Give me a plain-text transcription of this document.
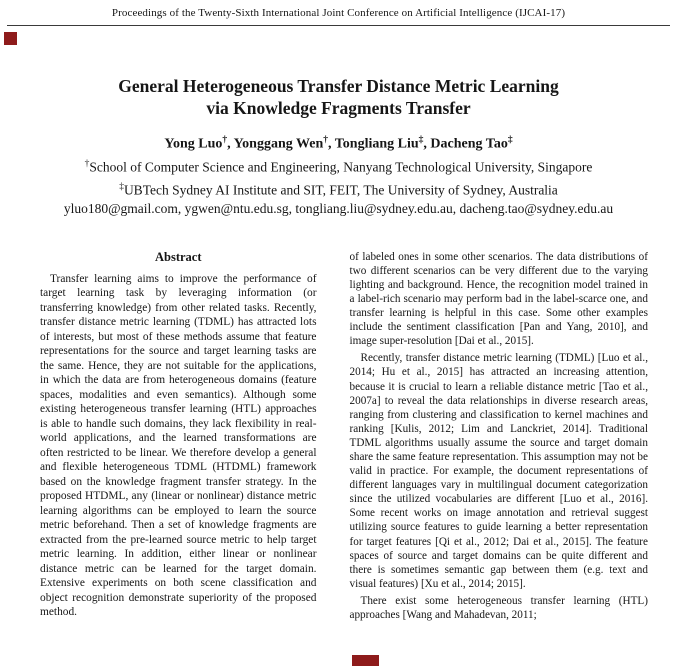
Proceedings of the Twenty-Sixth International Joint Conference on Artificial Intelligence (IJCAI-17)
General Heterogeneous Transfer Distance Metric Learning
via Knowledge Fragments Transfer
Yong Luo†, Yonggang Wen†, Tongliang Liu‡, Dacheng Tao‡
†School of Computer Science and Engineering, Nanyang Technological University, Singapore
‡UBTech Sydney AI Institute and SIT, FEIT, The University of Sydney, Australia
yluo180@gmail.com, ygwen@ntu.edu.sg, tongliang.liu@sydney.edu.au, dacheng.tao@sydney.edu.au
Abstract

Transfer learning aims to improve the performance of target learning task by leveraging information (or transferring knowledge) from other related tasks. Recently, transfer distance metric learning (TDML) has attracted lots of interests, but most of these methods assume that feature representations for the source and target learning tasks are the same. Hence, they are not suitable for the applications, in which the data are from heterogeneous domains (feature spaces, modalities and even semantics). Although some existing heterogeneous transfer learning (HTL) approaches is able to handle such domains, they lack flexibility in real-world applications, and the learned transformations are often restricted to be linear. We therefore develop a general and flexible heterogeneous TDML (HTDML) framework based on the knowledge fragment transfer strategy. In the proposed HTDML, any (linear or nonlinear) distance metric learning algorithms can be employed to learn the source metric beforehand. Then a set of knowledge fragments are extracted from the pre-learned source metric to help target metric learning. In addition, either linear or nonlinear distance metric can be learned for the target domain. Extensive experiments on both scene classification and object recognition demonstrate superiority of the proposed method.

of labeled ones in some other scenarios. The data distributions of two different scenarios can be very different due to the varying lighting and background. Hence, the recognition model trained in a label-rich scenario may perform bad in the label-scarce one, and transfer learning is helpful in this case. Some other examples include the sentiment classification [Pan and Yang, 2010], and image super-resolution [Dai et al., 2015].

Recently, transfer distance metric learning (TDML) [Luo et al., 2014; Hu et al., 2015] has attracted an increasing attention, because it is crucial to learn a reliable distance metric [Tao et al., 2007a] to reveal the data relationships in diverse research areas, ranging from clustering and classification to kernel machines and ranking [Kulis, 2012; Lim and Lanckriet, 2014]. Traditional TDML algorithms usually assume the source and target domain share the same feature representation. This assumption may not be valid in practice. For example, the document representations of different languages vary in multilingual document categorization since the utilized vocabularies are different [Luo et al., 2016]. Some recent works on image annotation and retrieval suggest utilizing source features to guide learning a better representation for target features [Qi et al., 2012; Dai et al., 2015]. The feature spaces of source and target domains can be quite different and there is sometimes semantic gap between them (e.g. text and visual features) [Xu et al., 2014; 2015].

There exist some heterogeneous transfer learning (HTL) approaches [Wang and Mahadevan, 2011;
